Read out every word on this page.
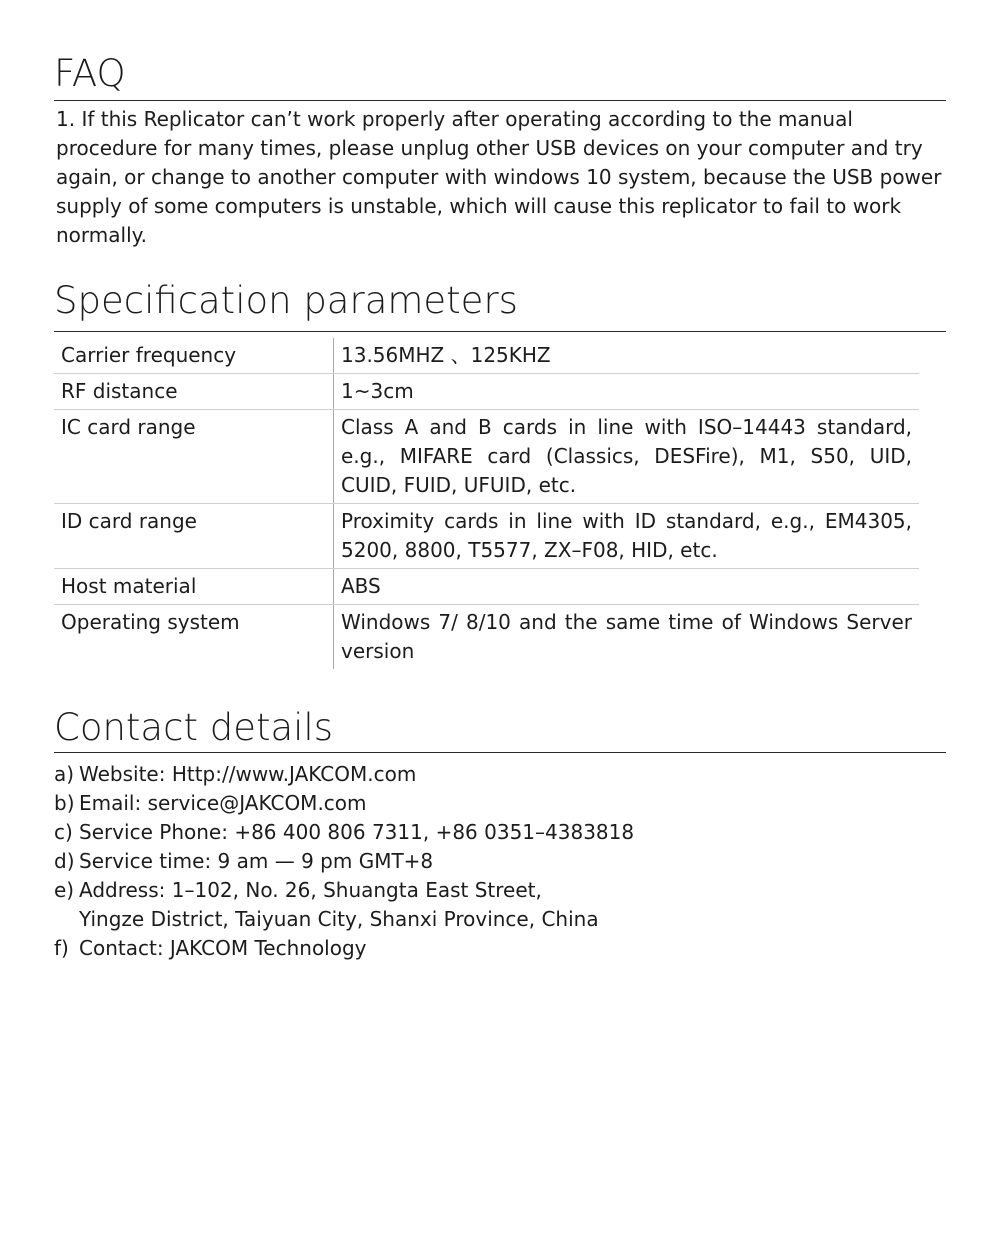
FAQ

1. If this Replicator can’t work properly after operating according to the manual procedure for many times, please unplug other USB devices on your computer and try again, or change to another computer with windows 10 system, because the USB power supply of some computers is unstable, which will cause this replicator to fail to work normally.

Specification parameters
Carrier frequency	13.56MHZ 、125KHZ
RF distance	1~3cm
IC card range	Class A and B cards in line with ISO–14443 standard, e.g., MIFARE card (Classics, DESFire), M1, S50, UID, CUID, FUID, UFUID, etc.
ID card range	Proximity cards in line with ID standard, e.g., EM4305, 5200, 8800, T5577, ZX–F08, HID, etc.
Host material	ABS
Operating system	Windows 7/ 8/10 and the same time of Windows Server version
Contact details
a) Website: Http://www.JAKCOM.com
b) Email: service@JAKCOM.com
c) Service Phone: +86 400 806 7311, +86 0351–4383818
d) Service time: 9 am — 9 pm GMT+8
e) Address: 1–102, No. 26, Shuangta East Street,
Yingze District, Taiyuan City, Shanxi Province, China
f) Contact: JAKCOM Technology
